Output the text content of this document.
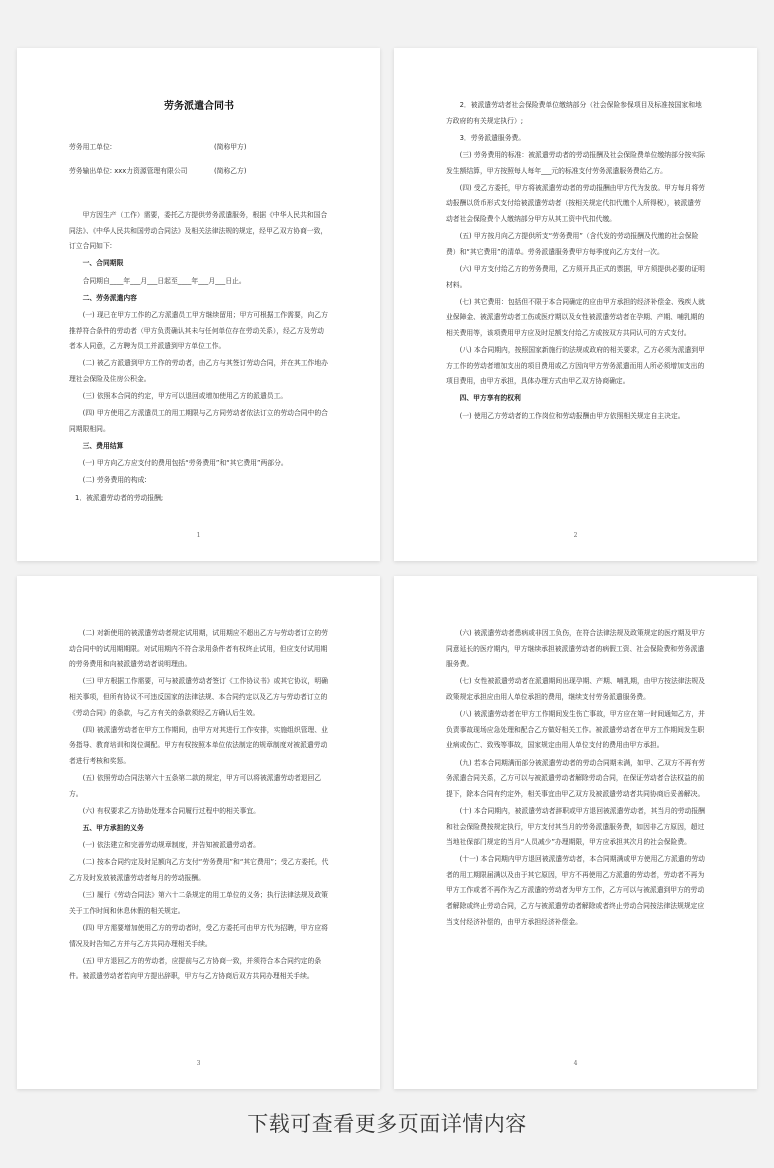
劳务派遣合同书
劳务用工单位:	(简称甲方)
劳务输出单位: xxx力资源管理有限公司	(简称乙方)
甲方因生产（工作）需要，委托乙方提供劳务派遣服务，根据《中华人民共和国合同法》、《中华人民共和国劳动合同法》及相关法律法规的规定，经甲乙双方协商一致，订立合同如下:
一、合同期限
合同期自____年___月___日起至____年___月___日止。
二、劳务派遣内容
(一) 现已在甲方工作的乙方派遣员工甲方继续留用；甲方可根据工作需要，向乙方推荐符合条件的劳动者（甲方负责确认其未与任何单位存在劳动关系），经乙方及劳动者本人同意，乙方聘为员工并派遣到甲方单位工作。
(二) 被乙方派遣到甲方工作的劳动者，由乙方与其签订劳动合同，并在其工作地办理社会保险及住房公积金。
(三) 依照本合同的约定，甲方可以退回或增加使用乙方的派遣员工。
(四) 甲方使用乙方派遣员工的用工期限与乙方同劳动者依法订立的劳动合同中的合同期限相同。
三、费用结算
(一) 甲方向乙方应支付的费用包括“劳务费用”和“其它费用”两部分。
(二) 劳务费用的构成:
1．被派遣劳动者的劳动报酬;
1
2．被派遣劳动者社会保险费单位缴纳部分（社会保险参保项目及标准按国家和地方政府的有关规定执行）;
3．劳务派遣服务费。
(三) 劳务费用的标准：被派遣劳动者的劳动报酬及社会保险费单位缴纳部分按实际发生额结算，甲方按照每人每年___元的标准支付劳务派遣服务费给乙方。
(四) 受乙方委托，甲方将被派遣劳动者的劳动报酬由甲方代为发放。甲方每月将劳动报酬以货币形式支付给被派遣劳动者（按相关规定代扣代缴个人所得税），被派遣劳动者社会保险费个人缴纳部分甲方从其工资中代扣代缴。
(五) 甲方按月向乙方提供所支“劳务费用”（含代发的劳动报酬及代缴的社会保险费）和“其它费用”的清单。劳务派遣服务费甲方每季度向乙方支付一次。
(六) 甲方支付给乙方的劳务费用，乙方须开具正式的票据，甲方须提供必要的证明材料。
(七) 其它费用：包括但不限于本合同确定的应由甲方承担的经济补偿金、残疾人就业保障金、被派遣劳动者工伤或医疗期以及女性被派遣劳动者在孕期、产期、哺乳期的相关费用等，该项费用甲方应及时足额支付给乙方或按双方共同认可的方式支付。
(八) 本合同期内，按照国家新施行的法规或政府的相关要求，乙方必须为派遣到甲方工作的劳动者增加支出的项目费用或乙方因向甲方劳务派遣而用人所必须增加支出的项目费用，由甲方承担，具体办理方式由甲乙双方协商确定。
四、甲方享有的权利
(一) 使用乙方劳动者的工作岗位和劳动报酬由甲方依照相关规定自主决定。
2
(二) 对新使用的被派遣劳动者规定试用期，试用期应不超出乙方与劳动者订立的劳动合同中的试用期期限。对试用期内不符合录用条件者有权终止试用，但应支付试用期的劳务费用和向被派遣劳动者说明理由。
(三) 甲方根据工作需要，可与被派遣劳动者签订《工作协议书》或其它协议，明确相关事项，但所有协议不可违反国家的法律法规、本合同约定以及乙方与劳动者订立的《劳动合同》的条款，与乙方有关的条款须经乙方确认后生效。
(四) 被派遣劳动者在甲方工作期间，由甲方对其进行工作安排，实施组织管理、业务指导、教育培训和岗位调配。甲方有权按照本单位依法制定的规章制度对被派遣劳动者进行考核和奖惩。
(五) 依照劳动合同法第六十五条第二款的规定，甲方可以将被派遣劳动者退回乙方。
(六) 有权要求乙方协助处理本合同履行过程中的相关事宜。
五、甲方承担的义务
(一) 依法建立和完善劳动规章制度，并告知被派遣劳动者。
(二) 按本合同约定及时足额向乙方支付“劳务费用”和“其它费用”；受乙方委托，代乙方及时发放被派遣劳动者每月的劳动报酬。
(三) 履行《劳动合同法》第六十二条规定的用工单位的义务；执行法律法规及政策关于工作时间和休息休假的相关规定。
(四) 甲方需要增加使用乙方的劳动者时，受乙方委托可由甲方代为招聘，甲方应将情况及时告知乙方并与乙方共同办理相关手续。
(五) 甲方退回乙方的劳动者，应提前与乙方协商一致，并须符合本合同约定的条件。被派遣劳动者若向甲方提出辞职，甲方与乙方协商后双方共同办理相关手续。
3
(六) 被派遣劳动者患病或非因工负伤，在符合法律法规及政策规定的医疗期及甲方同意延长的医疗期内，甲方继续承担被派遣劳动者的病假工资、社会保险费和劳务派遣服务费。
(七) 女性被派遣劳动者在派遣期间出现孕期、产期、哺乳期，由甲方按法律法规及政策规定承担应由用人单位承担的费用，继续支付劳务派遣服务费。
(八) 被派遣劳动者在甲方工作期间发生伤亡事故，甲方应在第一时间通知乙方，并负责事故现场应急处理和配合乙方做好相关工作。被派遣劳动者在甲方工作期间发生职业病或伤亡、致残等事故，国家规定由用人单位支付的费用由甲方承担。
(九) 若本合同期满而部分被派遣劳动者的劳动合同期未满，如甲、乙双方不再有劳务派遣合同关系，乙方可以与被派遣劳动者解除劳动合同，在保证劳动者合法权益的前提下，除本合同有约定外，相关事宜由甲乙双方及被派遣劳动者共同协商后妥善解决。
(十) 本合同期内，被派遣劳动者辞职或甲方退回被派遣劳动者，其当月的劳动报酬和社会保险费按规定执行，甲方支付其当月的劳务派遣服务费，如因非乙方原因，超过当地社保部门规定的当月“人员减少”办理期限，甲方应承担其次月的社会保险费。
(十一) 本合同期内甲方退回被派遣劳动者，本合同期满或甲方使用乙方派遣的劳动者的用工期限届满以及由于其它原因，甲方不再使用乙方派遣的劳动者，劳动者不再为甲方工作或者不再作为乙方派遣的劳动者为甲方工作，乙方可以与被派遣到甲方的劳动者解除或终止劳动合同，乙方与被派遣劳动者解除或者终止劳动合同按法律法规规定应当支付经济补偿的，由甲方承担经济补偿金。
4
下载可查看更多页面详情内容
